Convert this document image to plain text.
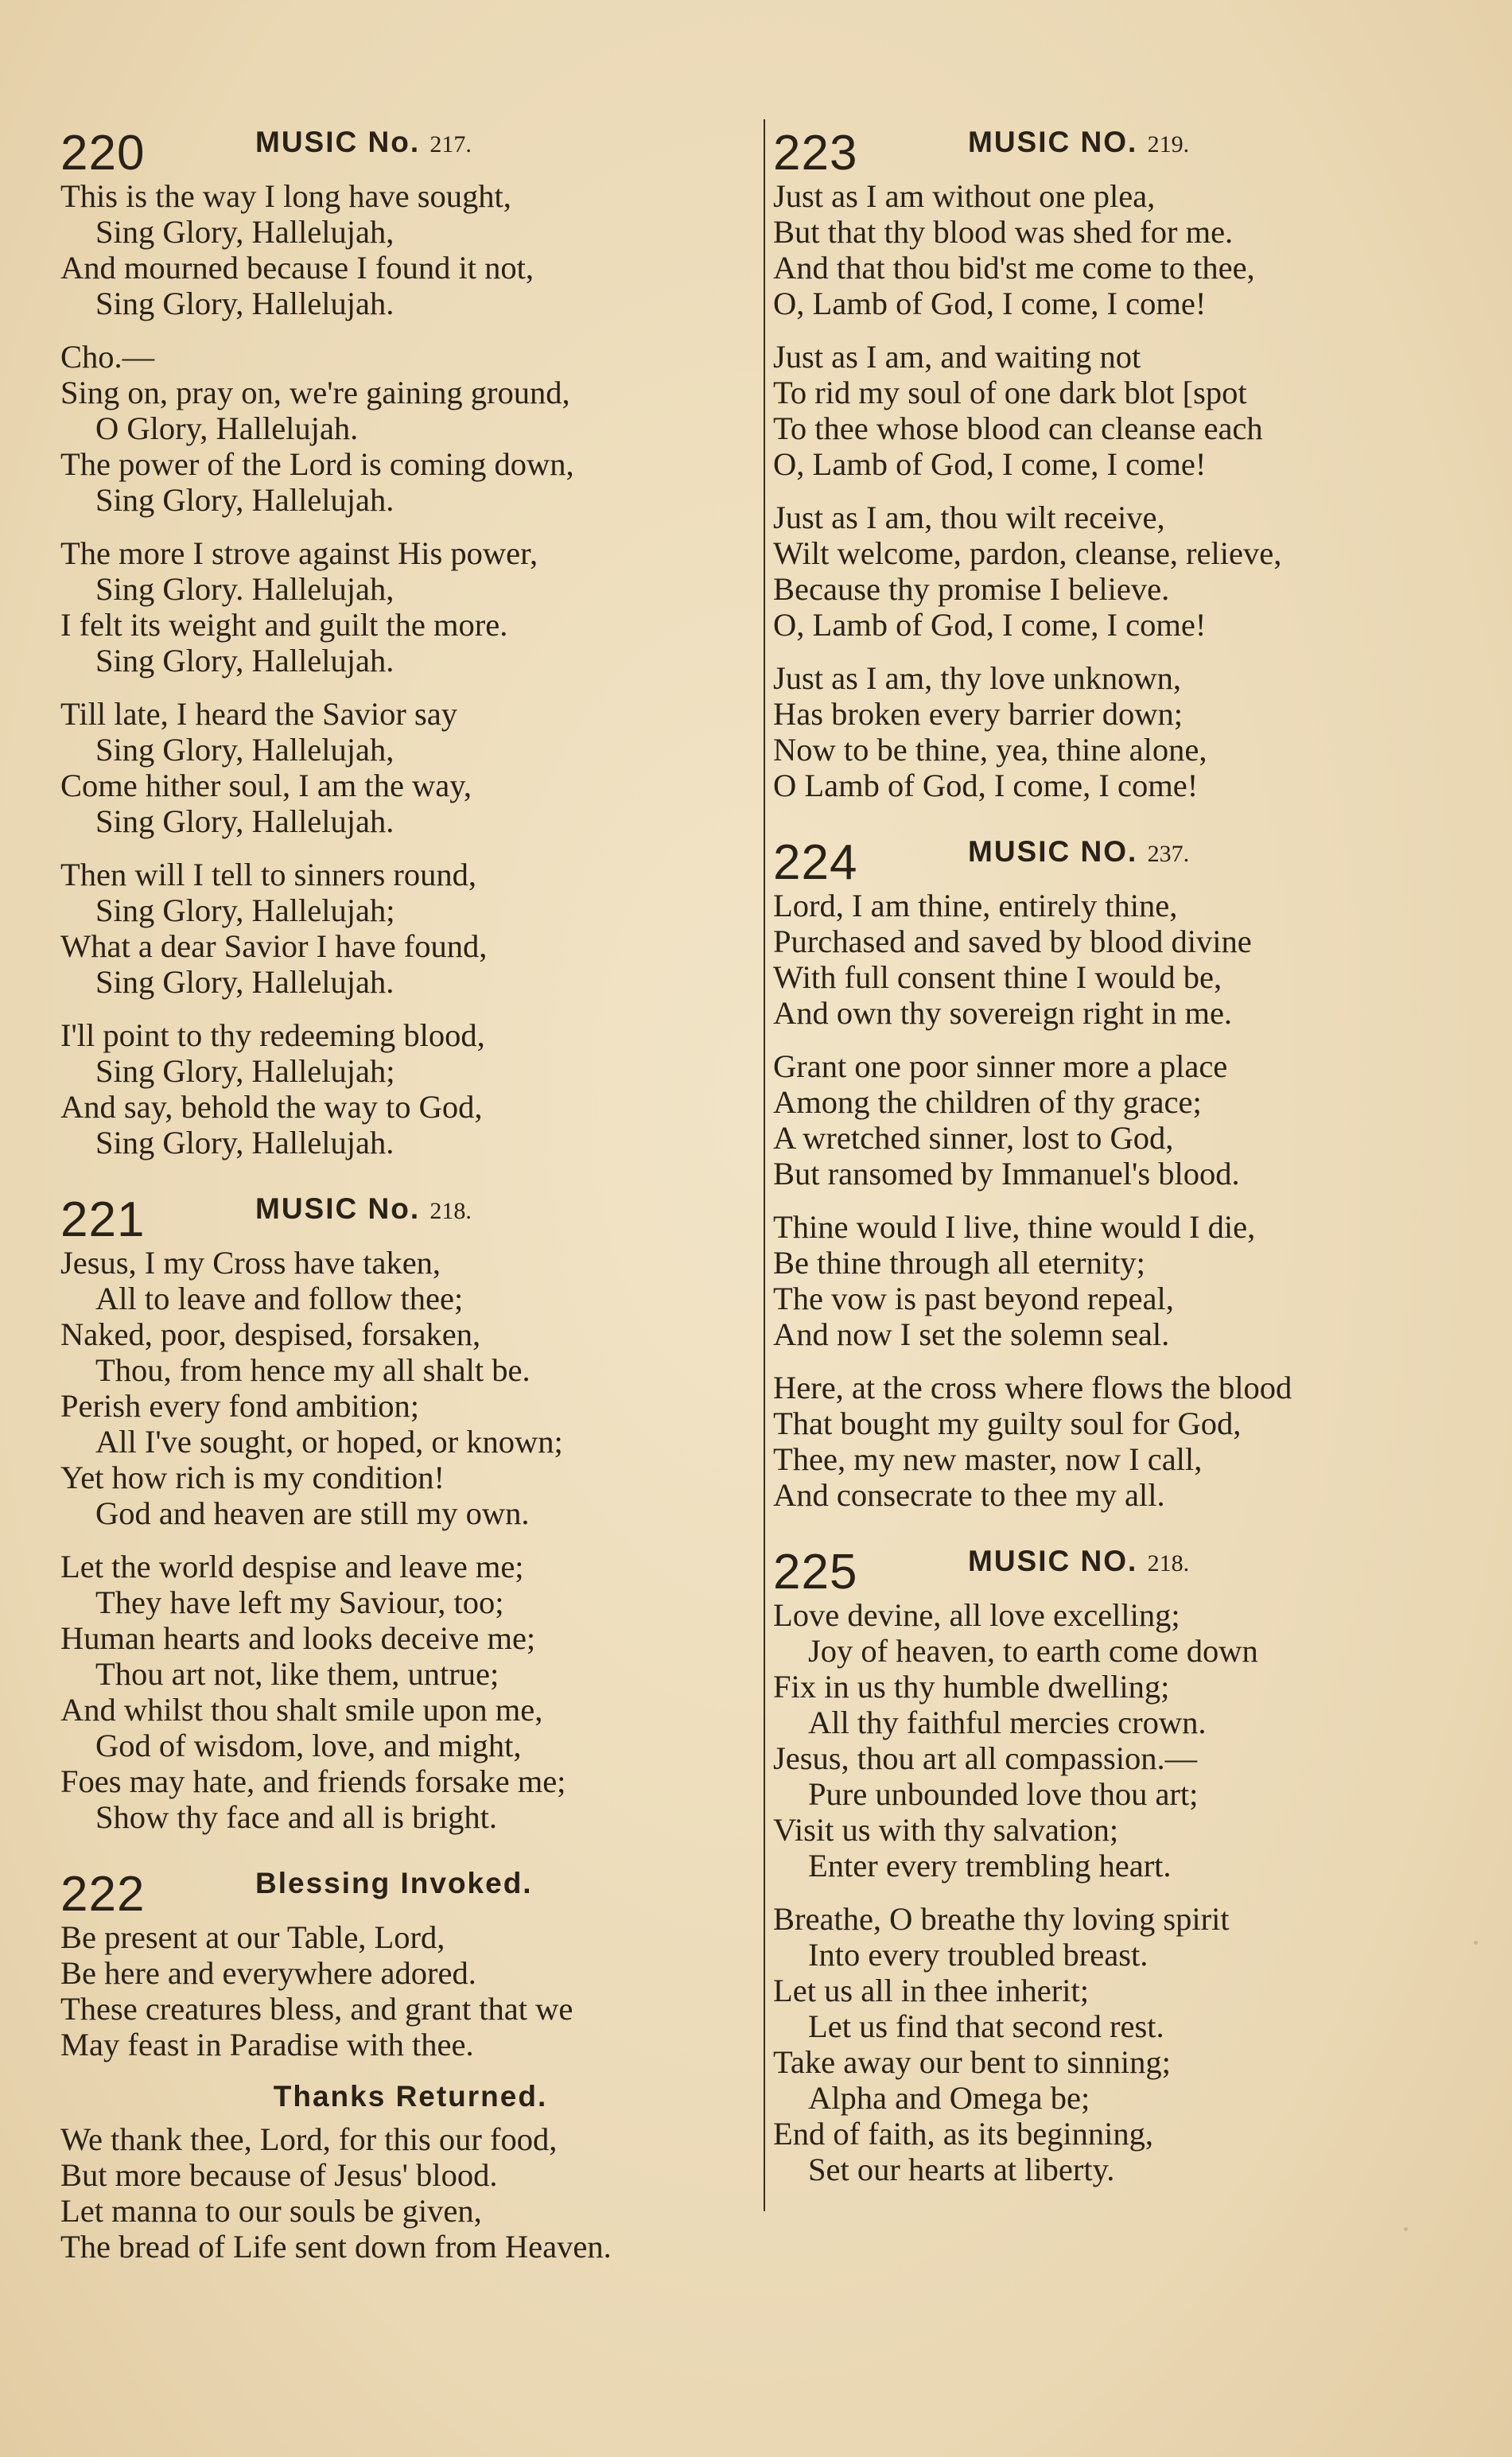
220	MUSIC No. 217.
This is the way I long have sought,
Sing Glory, Hallelujah,
And mourned because I found it not,
Sing Glory, Hallelujah.
Cho.—
Sing on, pray on, we're gaining ground,
O Glory, Hallelujah.
The power of the Lord is coming down,
Sing Glory, Hallelujah.
The more I strove against His power,
Sing Glory. Hallelujah,
I felt its weight and guilt the more.
Sing Glory, Hallelujah.
Till late, I heard the Savior say
Sing Glory, Hallelujah,
Come hither soul, I am the way,
Sing Glory, Hallelujah.
Then will I tell to sinners round,
Sing Glory, Hallelujah;
What a dear Savior I have found,
Sing Glory, Hallelujah.
I'll point to thy redeeming blood,
Sing Glory, Hallelujah;
And say, behold the way to God,
Sing Glory, Hallelujah.
221	MUSIC No. 218.
Jesus, I my Cross have taken,
All to leave and follow thee;
Naked, poor, despised, forsaken,
Thou, from hence my all shalt be.
Perish every fond ambition;
All I've sought, or hoped, or known;
Yet how rich is my condition!
God and heaven are still my own.
Let the world despise and leave me;
They have left my Saviour, too;
Human hearts and looks deceive me;
Thou art not, like them, untrue;
And whilst thou shalt smile upon me,
God of wisdom, love, and might,
Foes may hate, and friends forsake me;
Show thy face and all is bright.
222	Blessing Invoked.
Be present at our Table, Lord,
Be here and everywhere adored.
These creatures bless, and grant that we
May feast in Paradise with thee.
Thanks Returned.
We thank thee, Lord, for this our food,
But more because of Jesus' blood.
Let manna to our souls be given,
The bread of Life sent down from Heaven.
223	MUSIC NO. 219.
Just as I am without one plea,
But that thy blood was shed for me.
And that thou bid'st me come to thee,
O, Lamb of God, I come, I come!
Just as I am, and waiting not
To rid my soul of one dark blot [spot
To thee whose blood can cleanse each
O, Lamb of God, I come, I come!
Just as I am, thou wilt receive,
Wilt welcome, pardon, cleanse, relieve,
Because thy promise I believe.
O, Lamb of God, I come, I come!
Just as I am, thy love unknown,
Has broken every barrier down;
Now to be thine, yea, thine alone,
O Lamb of God, I come, I come!
224	MUSIC NO. 237.
Lord, I am thine, entirely thine,
Purchased and saved by blood divine
With full consent thine I would be,
And own thy sovereign right in me.
Grant one poor sinner more a place
Among the children of thy grace;
A wretched sinner, lost to God,
But ransomed by Immanuel's blood.
Thine would I live, thine would I die,
Be thine through all eternity;
The vow is past beyond repeal,
And now I set the solemn seal.
Here, at the cross where flows the blood
That bought my guilty soul for God,
Thee, my new master, now I call,
And consecrate to thee my all.
225	MUSIC NO. 218.
Love devine, all love excelling;
Joy of heaven, to earth come down
Fix in us thy humble dwelling;
All thy faithful mercies crown.
Jesus, thou art all compassion.—
Pure unbounded love thou art;
Visit us with thy salvation;
Enter every trembling heart.
Breathe, O breathe thy loving spirit
Into every troubled breast.
Let us all in thee inherit;
Let us find that second rest.
Take away our bent to sinning;
Alpha and Omega be;
End of faith, as its beginning,
Set our hearts at liberty.
